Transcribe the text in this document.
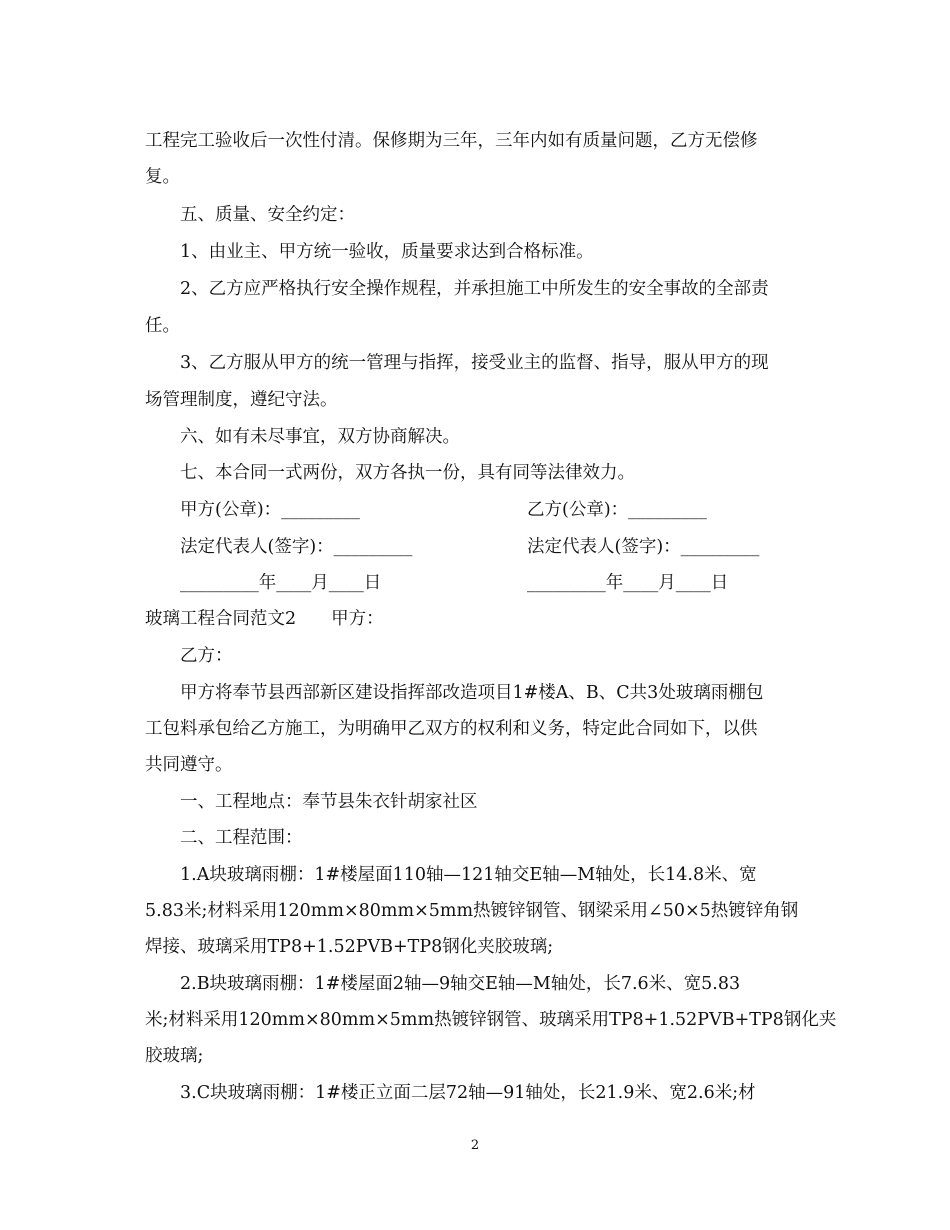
工程完工验收后一次性付清。保修期为三年，三年内如有质量问题，乙方无偿修
复。
五、质量、安全约定：
1、由业主、甲方统一验收，质量要求达到合格标准。
2、乙方应严格执行安全操作规程，并承担施工中所发生的安全事故的全部责
任。
3、乙方服从甲方的统一管理与指挥，接受业主的监督、指导，服从甲方的现
场管理制度，遵纪守法。
六、如有未尽事宜，双方协商解决。
七、本合同一式两份，双方各执一份，具有同等法律效力。
甲方(公章)：_________	乙方(公章)：_________
法定代表人(签字)：_________	法定代表人(签字)：_________
_________年____月____日	_________年____月____日
玻璃工程合同范文2　　甲方：
乙方：
甲方将奉节县西部新区建设指挥部改造项目1#楼A、B、C共3处玻璃雨棚包
工包料承包给乙方施工，为明确甲乙双方的权利和义务，特定此合同如下，以供
共同遵守。
一、工程地点：奉节县朱衣针胡家社区
二、工程范围：
1.A块玻璃雨棚：1#楼屋面110轴—121轴交E轴—M轴处，长14.8米、宽
5.83米;材料采用120mm×80mm×5mm热镀锌钢管、钢梁采用∠50×5热镀锌角钢
焊接、玻璃采用TP8+1.52PVB+TP8钢化夹胶玻璃;
2.B块玻璃雨棚：1#楼屋面2轴—9轴交E轴—M轴处，长7.6米、宽5.83
米;材料采用120mm×80mm×5mm热镀锌钢管、玻璃采用TP8+1.52PVB+TP8钢化夹
胶玻璃;
3.C块玻璃雨棚：1#楼正立面二层72轴—91轴处，长21.9米、宽2.6米;材
2
